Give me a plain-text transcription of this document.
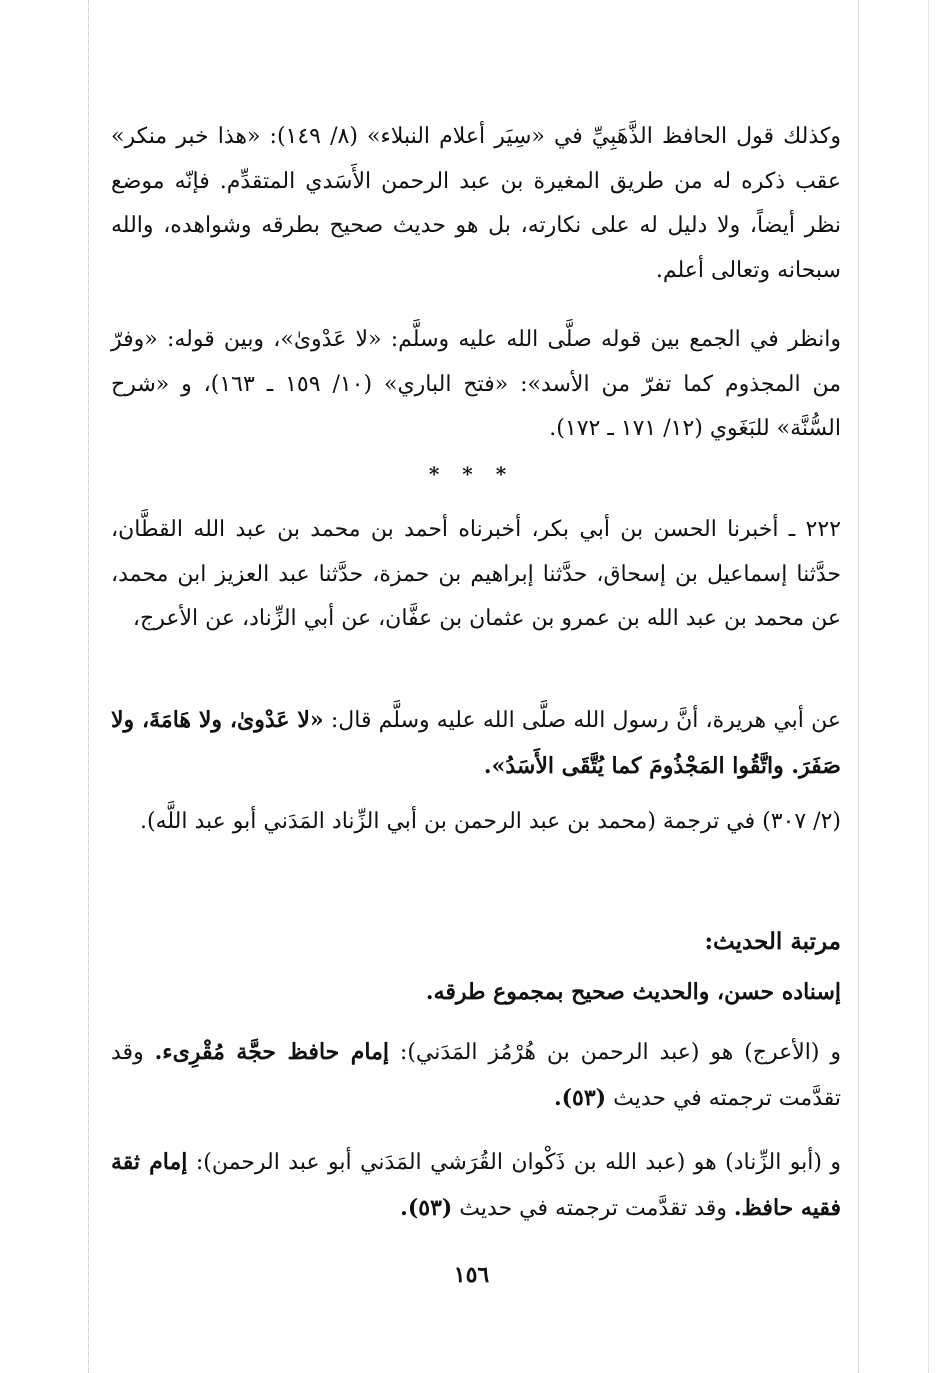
وكذلك قول الحافظ الذَّهَبِيِّ في «سِيَر أعلام النبلاء» (٨/ ١٤٩): «هذا خبر منكر» عقب ذكره له من طريق المغيرة بن عبد الرحمن الأَسَدي المتقدِّم. فإنّه موضع نظر أيضاً، ولا دليل له على نكارته، بل هو حديث صحيح بطرقه وشواهده، والله سبحانه وتعالى أعلم.

وانظر في الجمع بين قوله صلَّى الله عليه وسلَّم: «لا عَدْوىٰ»، وبين قوله: «وفرّ من المجذوم كما تفرّ من الأسد»: «فتح الباري» (١٠/ ١٥٩ ـ ١٦٣)، و «شرح السُّنَّة» للبَغَوي (١٢/ ١٧١ ـ ١٧٢).

* * *

٢٢٢ ـ أخبرنا الحسن بن أبي بكر، أخبرناه أحمد بن محمد بن عبد الله القطَّان، حدَّثنا إسماعيل بن إسحاق، حدَّثنا إبراهيم بن حمزة، حدَّثنا عبد العزيز ابن محمد، عن محمد بن عبد الله بن عمرو بن عثمان بن عفَّان، عن أبي الزِّناد، عن الأعرج،

عن أبي هريرة، أنَّ رسول الله صلَّى الله عليه وسلَّم قال: «لا عَدْوىٰ، ولا هَامَةَ، ولا صَفَرَ. واتَّقُوا المَجْذُومَ كما يُتَّقَى الأَسَدُ».

(٢/ ٣٠٧) في ترجمة (محمد بن عبد الرحمن بن أبي الزِّناد المَدَني أبو عبد اللَّه).

مرتبة الحديث:

إسناده حسن، والحديث صحيح بمجموع طرقه.

و (الأعرج) هو (عبد الرحمن بن هُرْمُز المَدَني): إمام حافظ حجَّة مُقْرِىء. وقد تقدَّمت ترجمته في حديث (٥٣).

و (أبو الزِّناد) هو (عبد الله بن ذَكْوان القُرَشي المَدَني أبو عبد الرحمن): إمام ثقة فقيه حافظ. وقد تقدَّمت ترجمته في حديث (٥٣).

١٥٦
